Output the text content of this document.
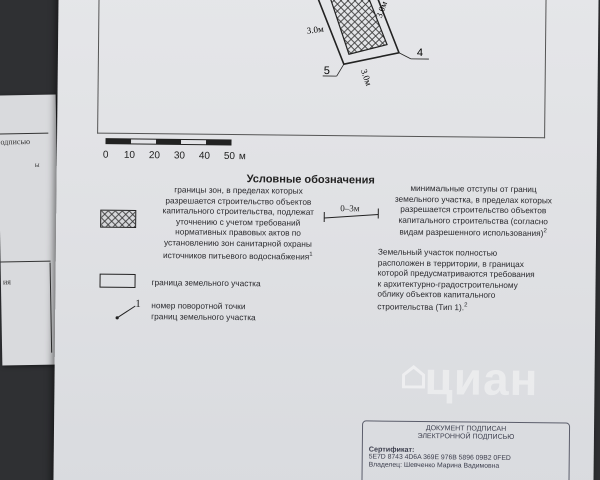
одписью
ы
ия
3.0м
3.0м
3.0м
4
5
0 10 20 30 40 50 м
Условные обозначения
границы зон, в пределах которых
разрешается строительство объектов
капитального строительства, подлежат
уточнению с учетом требований
нормативных правовых актов по
установлению зон санитарной охраны
источников питьевого водоснабжения$^1$
граница земельного участка
1 номер поворотной точки
границ земельного участка
0–3м
минимальные отступы от границ
земельного участка, в пределах которых
разрешается строительство объектов
капитального строительства (согласно
видам разрешенного использования)$^2$
Земельный участок полностью
расположен в территории, в границах
которой предусматриваются требования
к архитектурно-градостроительному
облику объектов капитального
строительства (Тип 1).$^2$
циан
ДОКУМЕНТ ПОДПИСАН
ЭЛЕКТРОННОЙ ПОДПИСЬЮ
Сертификат:
5E7D 8743 4D6A 369E 976B 5896 09B2 0FED
Владелец: Шевченко Марина Вадимовна
